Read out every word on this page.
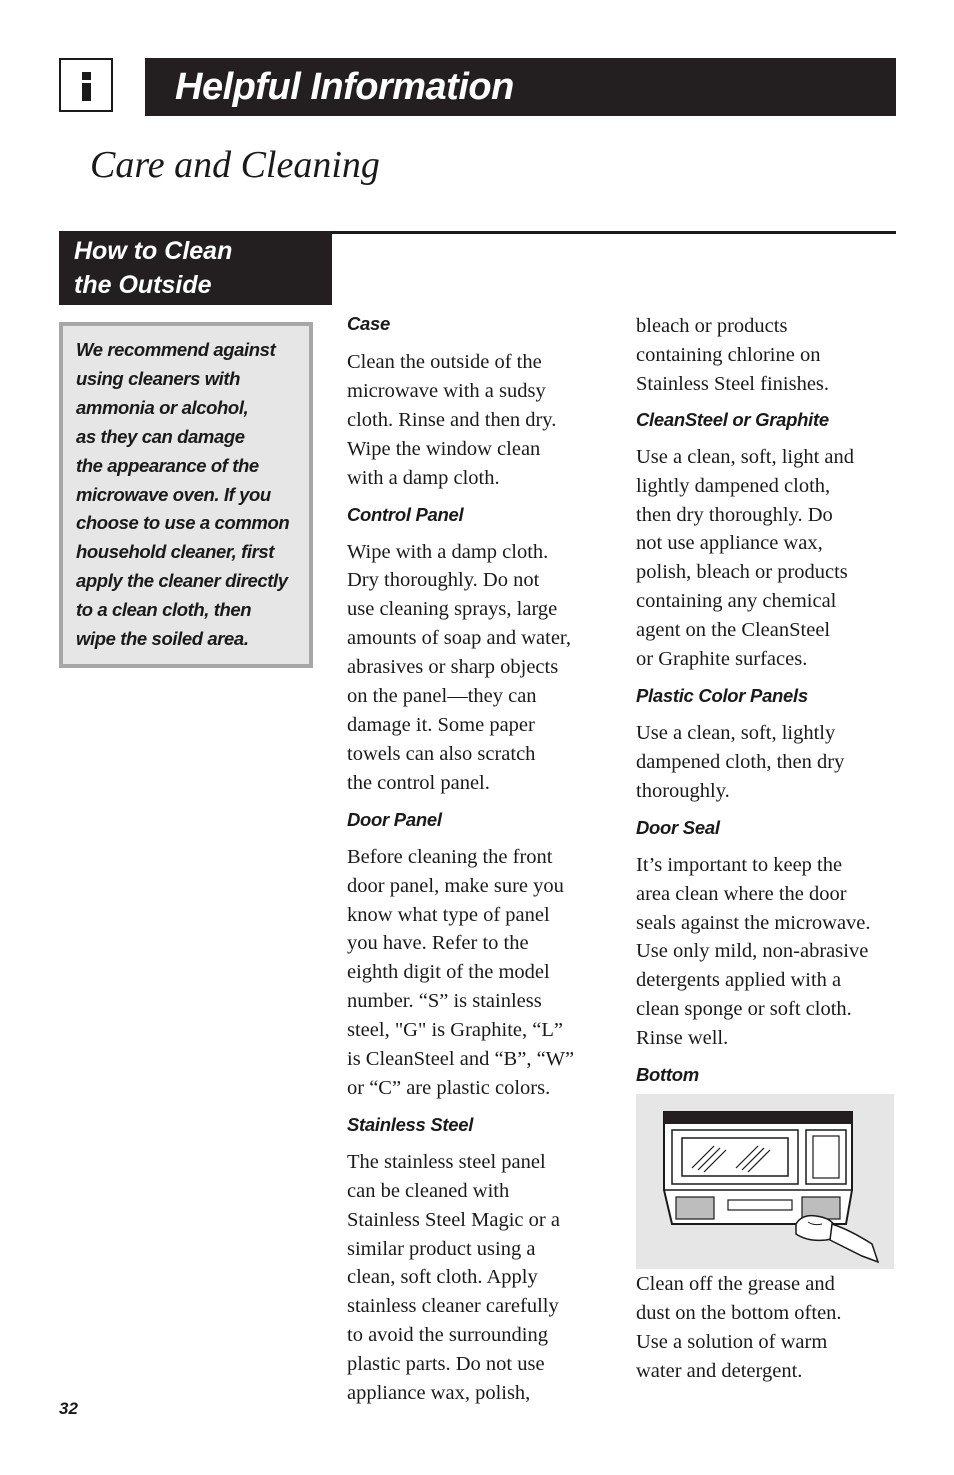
Helpful Information
Care and Cleaning
How to Clean
the Outside

We recommend against
using cleaners with
ammonia or alcohol,
as they can damage
the appearance of the
microwave oven. If you
choose to use a common
household cleaner, first
apply the cleaner directly
to a clean cloth, then
wipe the soiled area.

Case

Clean the outside of the
microwave with a sudsy
cloth. Rinse and then dry.
Wipe the window clean
with a damp cloth.

Control Panel

Wipe with a damp cloth.
Dry thoroughly. Do not
use cleaning sprays, large
amounts of soap and water,
abrasives or sharp objects
on the panel—they can
damage it. Some paper
towels can also scratch
the control panel.

Door Panel

Before cleaning the front
door panel, make sure you
know what type of panel
you have. Refer to the
eighth digit of the model
number. “S” is stainless
steel, "G" is Graphite, “L”
is CleanSteel and “B”, “W”
or “C” are plastic colors.

Stainless Steel

The stainless steel panel
can be cleaned with
Stainless Steel Magic or a
similar product using a
clean, soft cloth. Apply
stainless cleaner carefully
to avoid the surrounding
plastic parts. Do not use
appliance wax, polish,

bleach or products
containing chlorine on
Stainless Steel finishes.

CleanSteel or Graphite

Use a clean, soft, light and
lightly dampened cloth,
then dry thoroughly. Do
not use appliance wax,
polish, bleach or products
containing any chemical
agent on the CleanSteel
or Graphite surfaces.

Plastic Color Panels

Use a clean, soft, lightly
dampened cloth, then dry
thoroughly.

Door Seal

It’s important to keep the
area clean where the door
seals against the microwave.
Use only mild, non-abrasive
detergents applied with a
clean sponge or soft cloth.
Rinse well.

Bottom

Clean off the grease and
dust on the bottom often.
Use a solution of warm
water and detergent.

32
